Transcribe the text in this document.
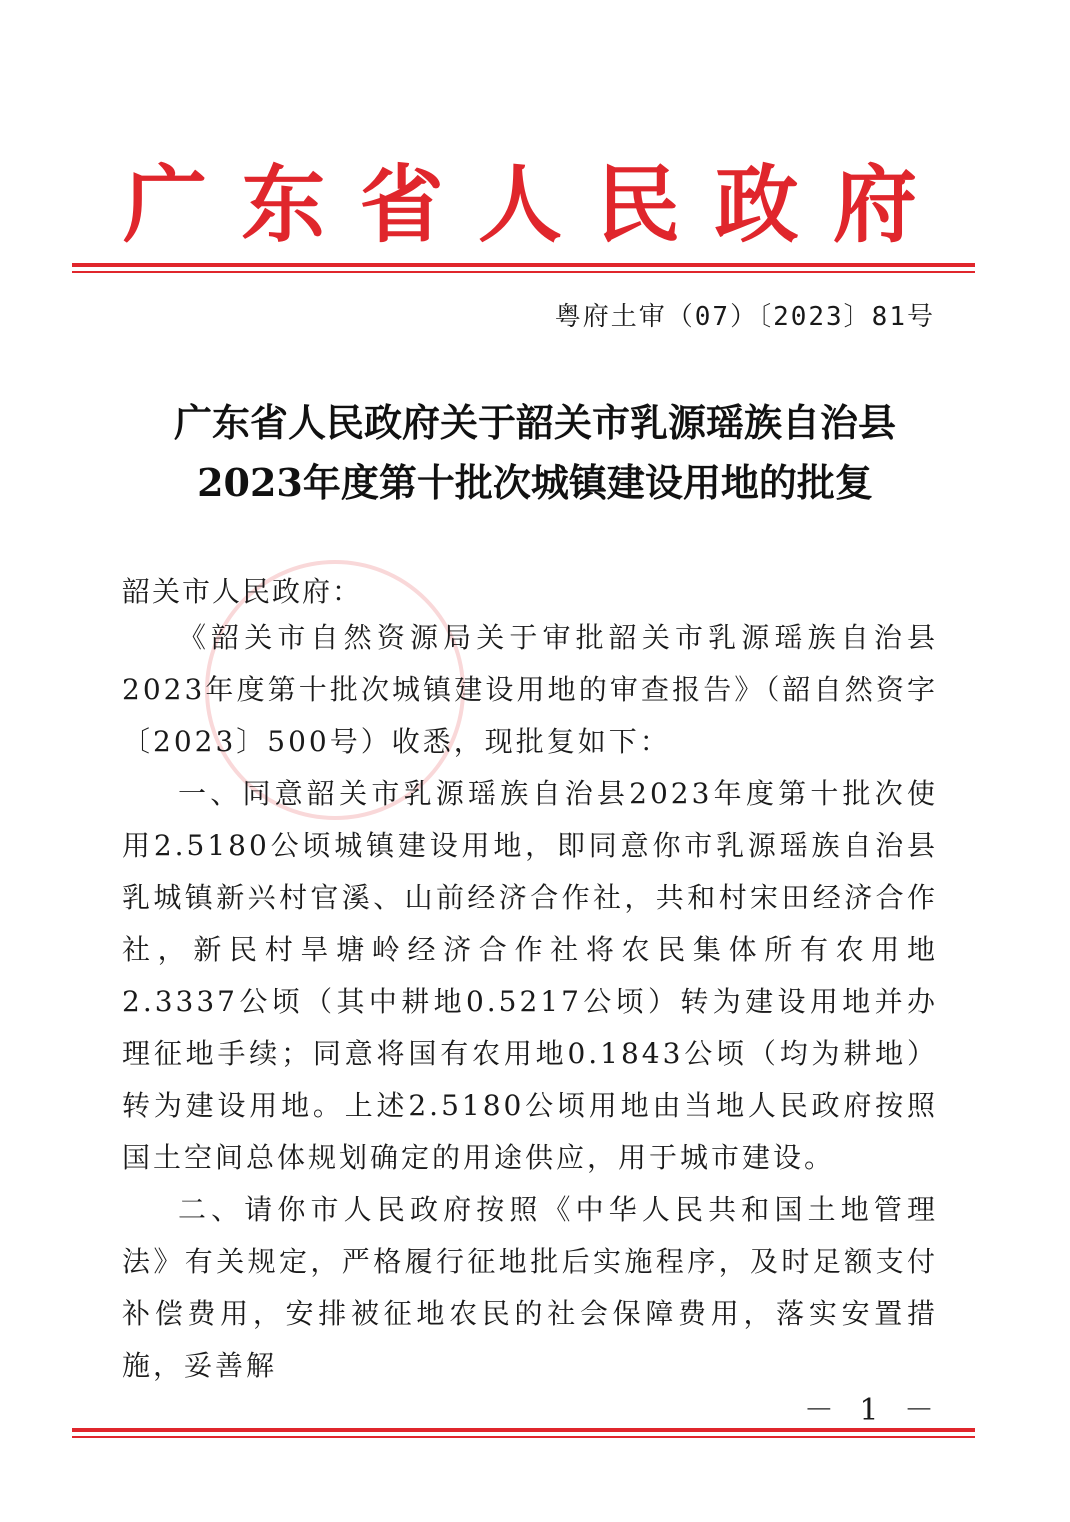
广 东 省 人 民 政 府
粤府土审（07）〔2023〕81号
广东省人民政府关于韶关市乳源瑶族自治县
2023年度第十批次城镇建设用地的批复
韶关市人民政府：

《韶关市自然资源局关于审批韶关市乳源瑶族自治县2023年度第十批次城镇建设用地的审查报告》（韶自然资字〔2023〕500号）收悉，现批复如下：

一、同意韶关市乳源瑶族自治县2023年度第十批次使用2.5180公顷城镇建设用地，即同意你市乳源瑶族自治县乳城镇新兴村官溪、山前经济合作社，共和村宋田经济合作社，新民村旱塘岭经济合作社将农民集体所有农用地2.3337公顷（其中耕地0.5217公顷）转为建设用地并办理征地手续；同意将国有农用地0.1843公顷（均为耕地）转为建设用地。上述2.5180公顷用地由当地人民政府按照国土空间总体规划确定的用途供应，用于城市建设。

二、请你市人民政府按照《中华人民共和国土地管理法》有关规定，严格履行征地批后实施程序，及时足额支付补偿费用，安排被征地农民的社会保障费用，落实安置措施，妥善解

－ 1 －
